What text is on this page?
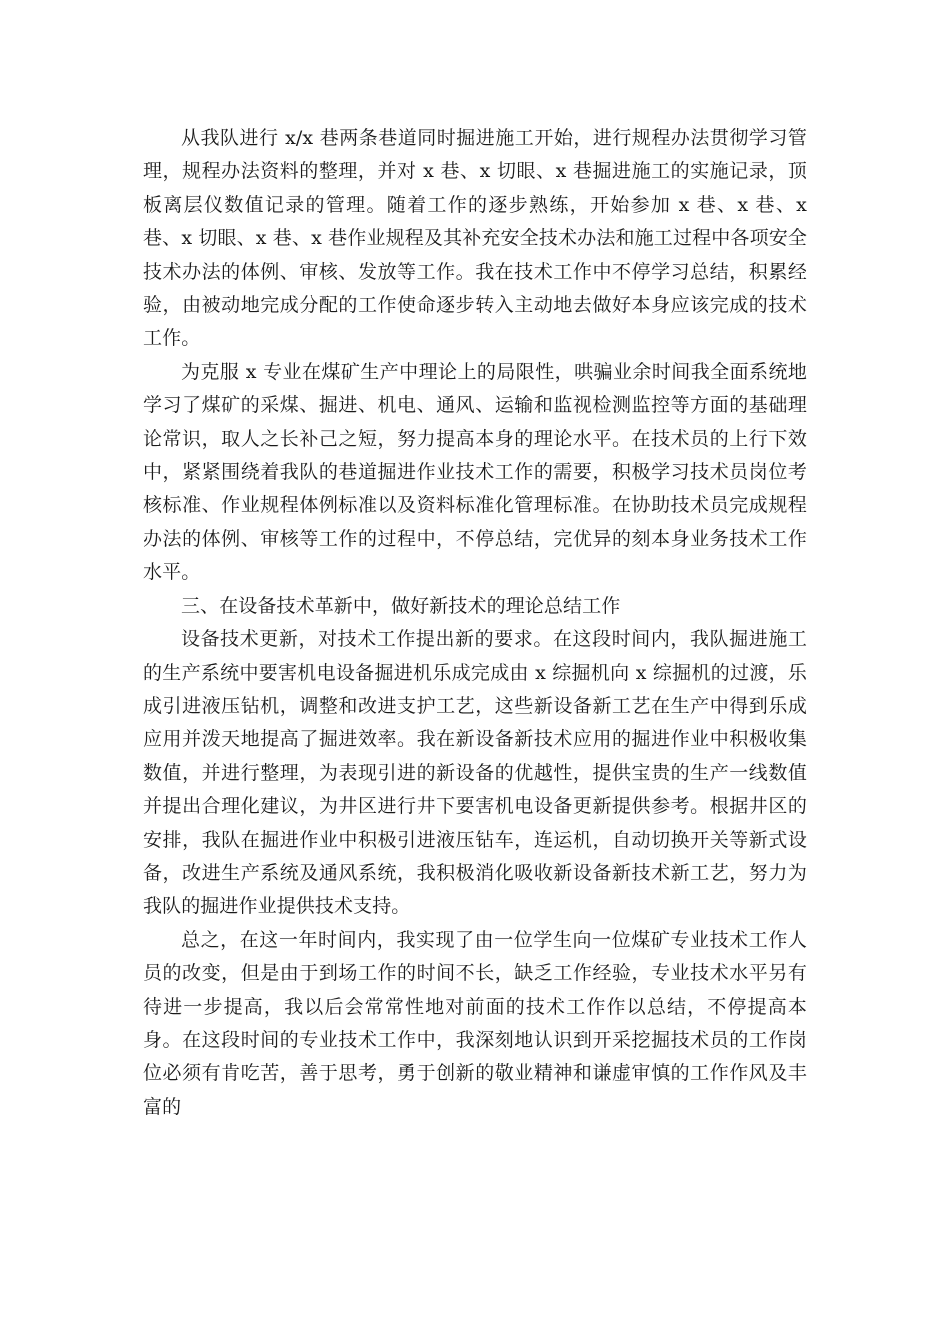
从我队进行 x/x 巷两条巷道同时掘进施工开始，进行规程办法贯彻学习管理，规程办法资料的整理，并对 x 巷、x 切眼、x 巷掘进施工的实施记录，顶板离层仪数值记录的管理。随着工作的逐步熟练，开始参加 x 巷、x 巷、x 巷、x 切眼、x 巷、x 巷作业规程及其补充安全技术办法和施工过程中各项安全技术办法的体例、审核、发放等工作。我在技术工作中不停学习总结，积累经验，由被动地完成分配的工作使命逐步转入主动地去做好本身应该完成的技术工作。

为克服 x 专业在煤矿生产中理论上的局限性，哄骗业余时间我全面系统地学习了煤矿的采煤、掘进、机电、通风、运输和监视检测监控等方面的基础理论常识，取人之长补己之短，努力提高本身的理论水平。在技术员的上行下效中，紧紧围绕着我队的巷道掘进作业技术工作的需要，积极学习技术员岗位考核标准、作业规程体例标准以及资料标准化管理标准。在协助技术员完成规程办法的体例、审核等工作的过程中，不停总结，完优异的刻本身业务技术工作水平。

三、在设备技术革新中，做好新技术的理论总结工作

设备技术更新，对技术工作提出新的要求。在这段时间内，我队掘进施工的生产系统中要害机电设备掘进机乐成完成由 x 综掘机向 x 综掘机的过渡，乐成引进液压钻机，调整和改进支护工艺，这些新设备新工艺在生产中得到乐成应用并泼天地提高了掘进效率。我在新设备新技术应用的掘进作业中积极收集数值，并进行整理，为表现引进的新设备的优越性，提供宝贵的生产一线数值并提出合理化建议，为井区进行井下要害机电设备更新提供参考。根据井区的安排，我队在掘进作业中积极引进液压钻车，连运机，自动切换开关等新式设备，改进生产系统及通风系统，我积极消化吸收新设备新技术新工艺，努力为我队的掘进作业提供技术支持。

总之，在这一年时间内，我实现了由一位学生向一位煤矿专业技术工作人员的改变，但是由于到场工作的时间不长，缺乏工作经验，专业技术水平另有待进一步提高，我以后会常常性地对前面的技术工作作以总结，不停提高本身。在这段时间的专业技术工作中，我深刻地认识到开采挖掘技术员的工作岗位必须有肯吃苦，善于思考，勇于创新的敬业精神和谦虚审慎的工作作风及丰富的
